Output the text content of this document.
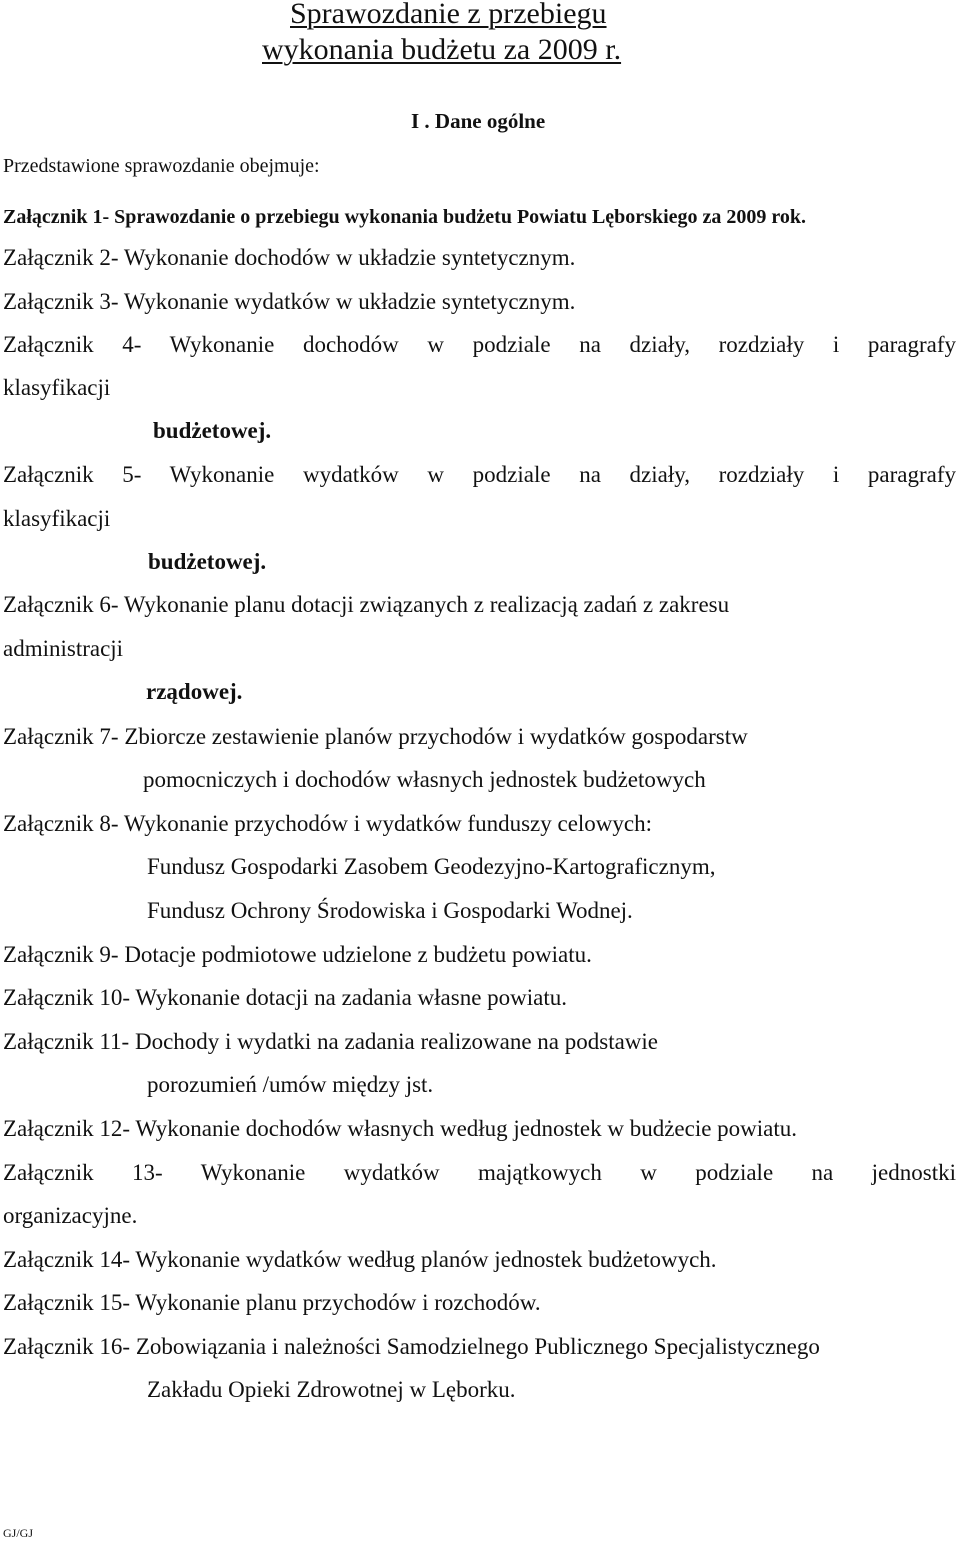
Sprawozdanie z przebiegu
wykonania budżetu za 2009 r.
I . Dane ogólne
Przedstawione sprawozdanie obejmuje:
Załącznik 1- Sprawozdanie o przebiegu wykonania budżetu Powiatu Lęborskiego za 2009 rok.
Załącznik 2- Wykonanie dochodów w układzie syntetycznym.
Załącznik 3- Wykonanie wydatków w układzie syntetycznym.
Załącznik 4- Wykonanie dochodów w podziale na działy, rozdziały i paragrafy
klasyfikacji
budżetowej.
Załącznik 5- Wykonanie wydatków w podziale na działy, rozdziały i paragrafy
klasyfikacji
budżetowej.
Załącznik 6- Wykonanie planu dotacji związanych z realizacją zadań z zakresu
administracji
rządowej.
Załącznik 7- Zbiorcze zestawienie planów przychodów i wydatków gospodarstw
pomocniczych i dochodów własnych jednostek budżetowych
Załącznik 8- Wykonanie przychodów i wydatków funduszy celowych:
Fundusz Gospodarki Zasobem Geodezyjno-Kartograficznym,
Fundusz Ochrony Środowiska i Gospodarki Wodnej.
Załącznik 9- Dotacje podmiotowe udzielone z budżetu powiatu.
Załącznik 10- Wykonanie dotacji na zadania własne powiatu.
Załącznik 11- Dochody i wydatki na zadania realizowane na podstawie
porozumień /umów między jst.
Załącznik 12- Wykonanie dochodów własnych według jednostek w budżecie powiatu.
Załącznik 13- Wykonanie wydatków majątkowych w podziale na jednostki
organizacyjne.
Załącznik 14- Wykonanie wydatków według planów jednostek budżetowych.
Załącznik 15- Wykonanie planu przychodów i rozchodów.
Załącznik 16- Zobowiązania i należności Samodzielnego Publicznego Specjalistycznego
Zakładu Opieki Zdrowotnej w Lęborku.
GJ/GJ
